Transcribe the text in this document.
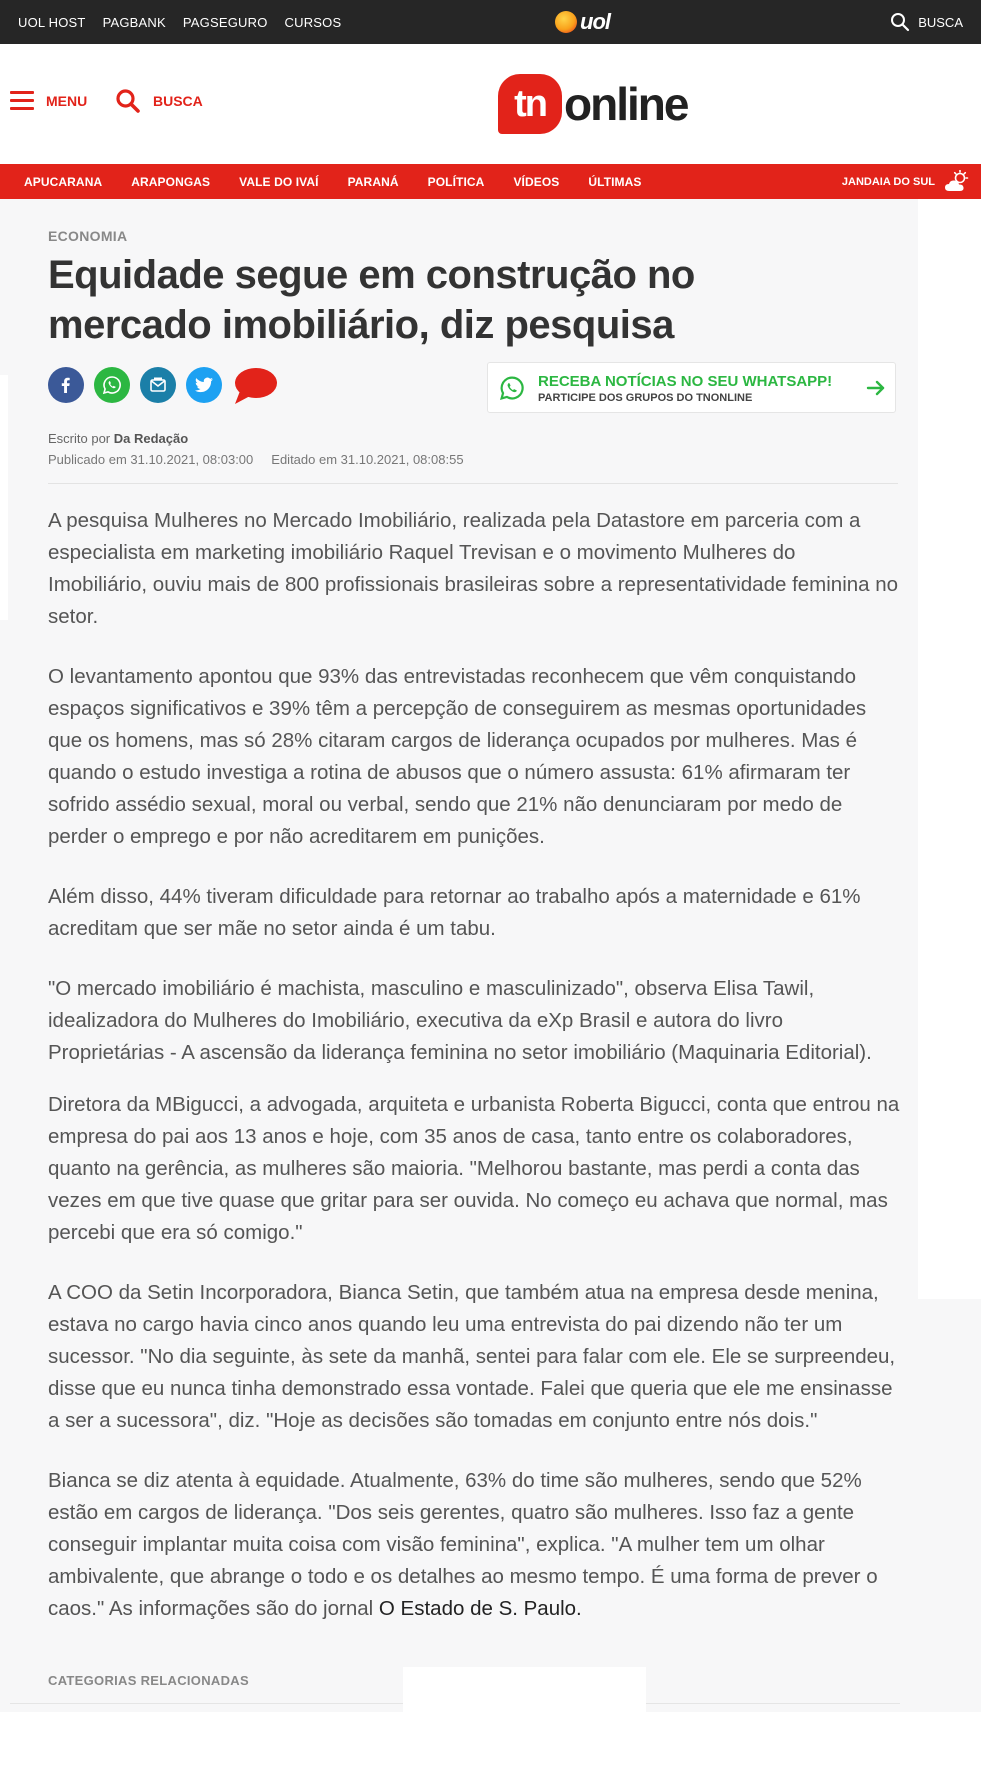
UOL HOST PAGBANK PAGSEGURO CURSOS	uol	BUSCA
MENU	BUSCA	tn online
APUCARANA ARAPONGAS VALE DO IVAÍ PARANÁ POLÍTICA VÍDEOS ÚLTIMAS	JANDAIA DO SUL
ECONOMIA
Equidade segue em construção no mercado imobiliário, diz pesquisa
RECEBA NOTÍCIAS NO SEU WHATSAPP!
PARTICIPE DOS GRUPOS DO TNONLINE
Escrito por Da Redação
Publicado em 31.10.2021, 08:03:00 Editado em 31.10.2021, 08:08:55

A pesquisa Mulheres no Mercado Imobiliário, realizada pela Datastore em parceria com a especialista em marketing imobiliário Raquel Trevisan e o movimento Mulheres do Imobiliário, ouviu mais de 800 profissionais brasileiras sobre a representatividade feminina no setor.

O levantamento apontou que 93% das entrevistadas reconhecem que vêm conquistando espaços significativos e 39% têm a percepção de conseguirem as mesmas oportunidades que os homens, mas só 28% citaram cargos de liderança ocupados por mulheres. Mas é quando o estudo investiga a rotina de abusos que o número assusta: 61% afirmaram ter sofrido assédio sexual, moral ou verbal, sendo que 21% não denunciaram por medo de perder o emprego e por não acreditarem em punições.

Além disso, 44% tiveram dificuldade para retornar ao trabalho após a maternidade e 61% acreditam que ser mãe no setor ainda é um tabu.

"O mercado imobiliário é machista, masculino e masculinizado", observa Elisa Tawil, idealizadora do Mulheres do Imobiliário, executiva da eXp Brasil e autora do livro Proprietárias - A ascensão da liderança feminina no setor imobiliário (Maquinaria Editorial).

Diretora da MBigucci, a advogada, arquiteta e urbanista Roberta Bigucci, conta que entrou na empresa do pai aos 13 anos e hoje, com 35 anos de casa, tanto entre os colaboradores, quanto na gerência, as mulheres são maioria. "Melhorou bastante, mas perdi a conta das vezes em que tive quase que gritar para ser ouvida. No começo eu achava que normal, mas percebi que era só comigo."

A COO da Setin Incorporadora, Bianca Setin, que também atua na empresa desde menina, estava no cargo havia cinco anos quando leu uma entrevista do pai dizendo não ter um sucessor. "No dia seguinte, às sete da manhã, sentei para falar com ele. Ele se surpreendeu, disse que eu nunca tinha demonstrado essa vontade. Falei que queria que ele me ensinasse a ser a sucessora", diz. "Hoje as decisões são tomadas em conjunto entre nós dois."

Bianca se diz atenta à equidade. Atualmente, 63% do time são mulheres, sendo que 52% estão em cargos de liderança. "Dos seis gerentes, quatro são mulheres. Isso faz a gente conseguir implantar muita coisa com visão feminina", explica. "A mulher tem um olhar ambivalente, que abrange o todo e os detalhes ao mesmo tempo. É uma forma de prever o caos." As informações são do jornal O Estado de S. Paulo.

CATEGORIAS RELACIONADAS
